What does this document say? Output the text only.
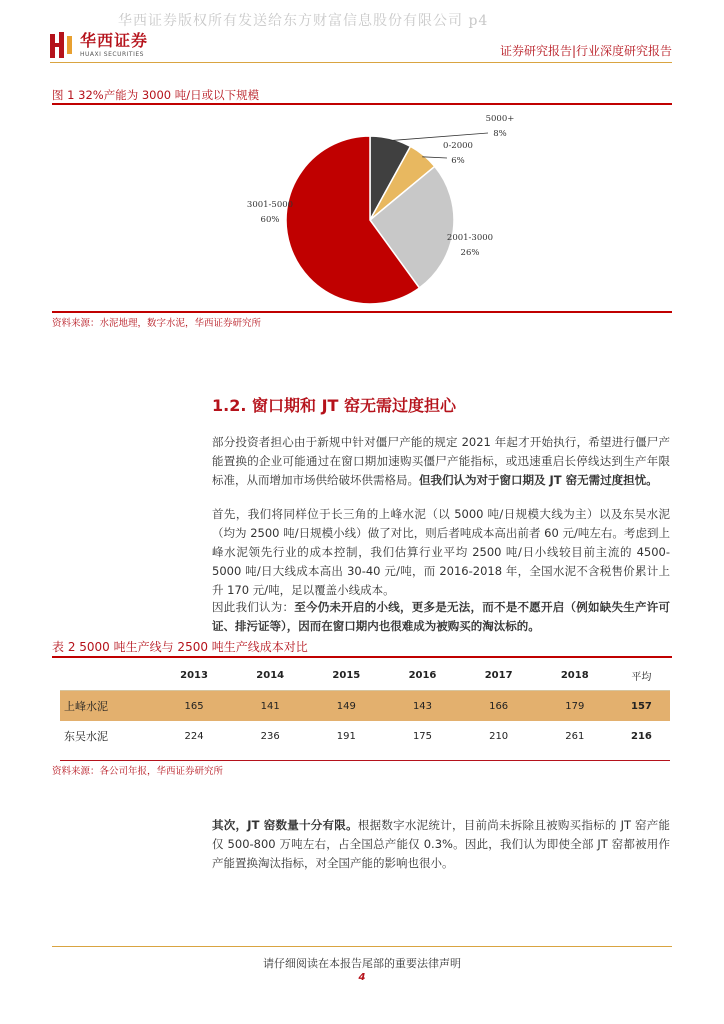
华西证券版权所有发送给东方财富信息股份有限公司 p4
华西证券
HUAXI SECURITIES	证券研究报告|行业深度研究报告
图 1 32%产能为 3000 吨/日或以下规模
5000+
8%
0-2000
6%
2001-3000
26%
3001-5000
60%
资料来源：水泥地理，数字水泥，华西证券研究所
1.2. 窗口期和 JT 窑无需过度担心
部分投资者担心由于新规中针对僵尸产能的规定 2021 年起才开始执行，希望进行僵尸产能置换的企业可能通过在窗口期加速购买僵尸产能指标，或迅速重启长停线达到生产年限标准，从而增加市场供给破坏供需格局。但我们认为对于窗口期及 JT 窑无需过度担忧。
首先，我们将同样位于长三角的上峰水泥（以 5000 吨/日规模大线为主）以及东吴水泥（均为 2500 吨/日规模小线）做了对比，则后者吨成本高出前者 60 元/吨左右。考虑到上峰水泥领先行业的成本控制，我们估算行业平均 2500 吨/日小线较目前主流的 4500-5000 吨/日大线成本高出 30-40 元/吨，而 2016-2018 年，全国水泥不含税售价累计上升 170 元/吨，足以覆盖小线成本。
因此我们认为：至今仍未开启的小线，更多是无法，而不是不愿开启（例如缺失生产许可证、排污证等），因而在窗口期内也很难成为被购买的淘汰标的。
表 2 5000 吨生产线与 2500 吨生产线成本对比
	2013	2014	2015	2016	2017	2018	平均
上峰水泥	165	141	149	143	166	179	157
东吴水泥	224	236	191	175	210	261	216
资料来源：各公司年报，华西证券研究所
其次，JT 窑数量十分有限。根据数字水泥统计，目前尚未拆除且被购买指标的 JT 窑产能仅 500-800 万吨左右，占全国总产能仅 0.3%。因此，我们认为即使全部 JT 窑都被用作产能置换淘汰指标，对全国产能的影响也很小。
请仔细阅读在本报告尾部的重要法律声明
4
